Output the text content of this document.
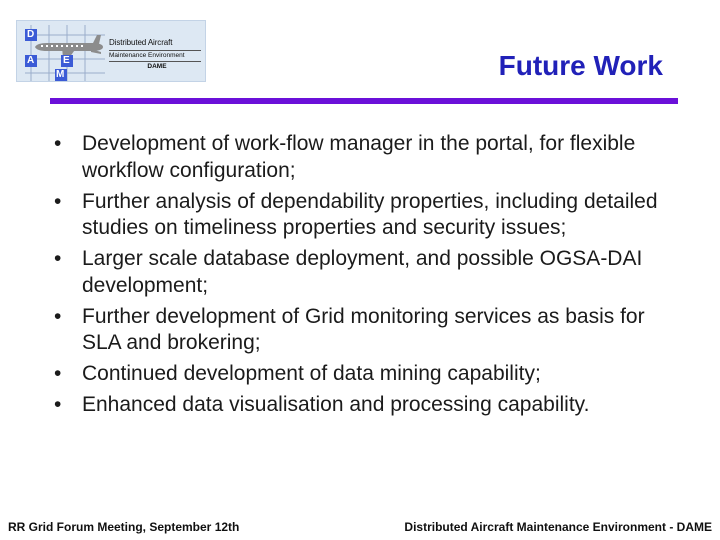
D
A	E
M
Distributed Aircraft
Maintenance Environment
DAME	Future Work
• Development of work-flow manager in the portal, for flexible workflow configuration;
• Further analysis of dependability properties, including detailed studies on timeliness properties and security issues;
• Larger scale database deployment, and possible OGSA-DAI development;
• Further development of Grid monitoring services as basis for SLA and brokering;
• Continued development of data mining capability;
• Enhanced data visualisation and processing capability.
RR Grid Forum Meeting, September 12th	Distributed Aircraft Maintenance Environment - DAME
